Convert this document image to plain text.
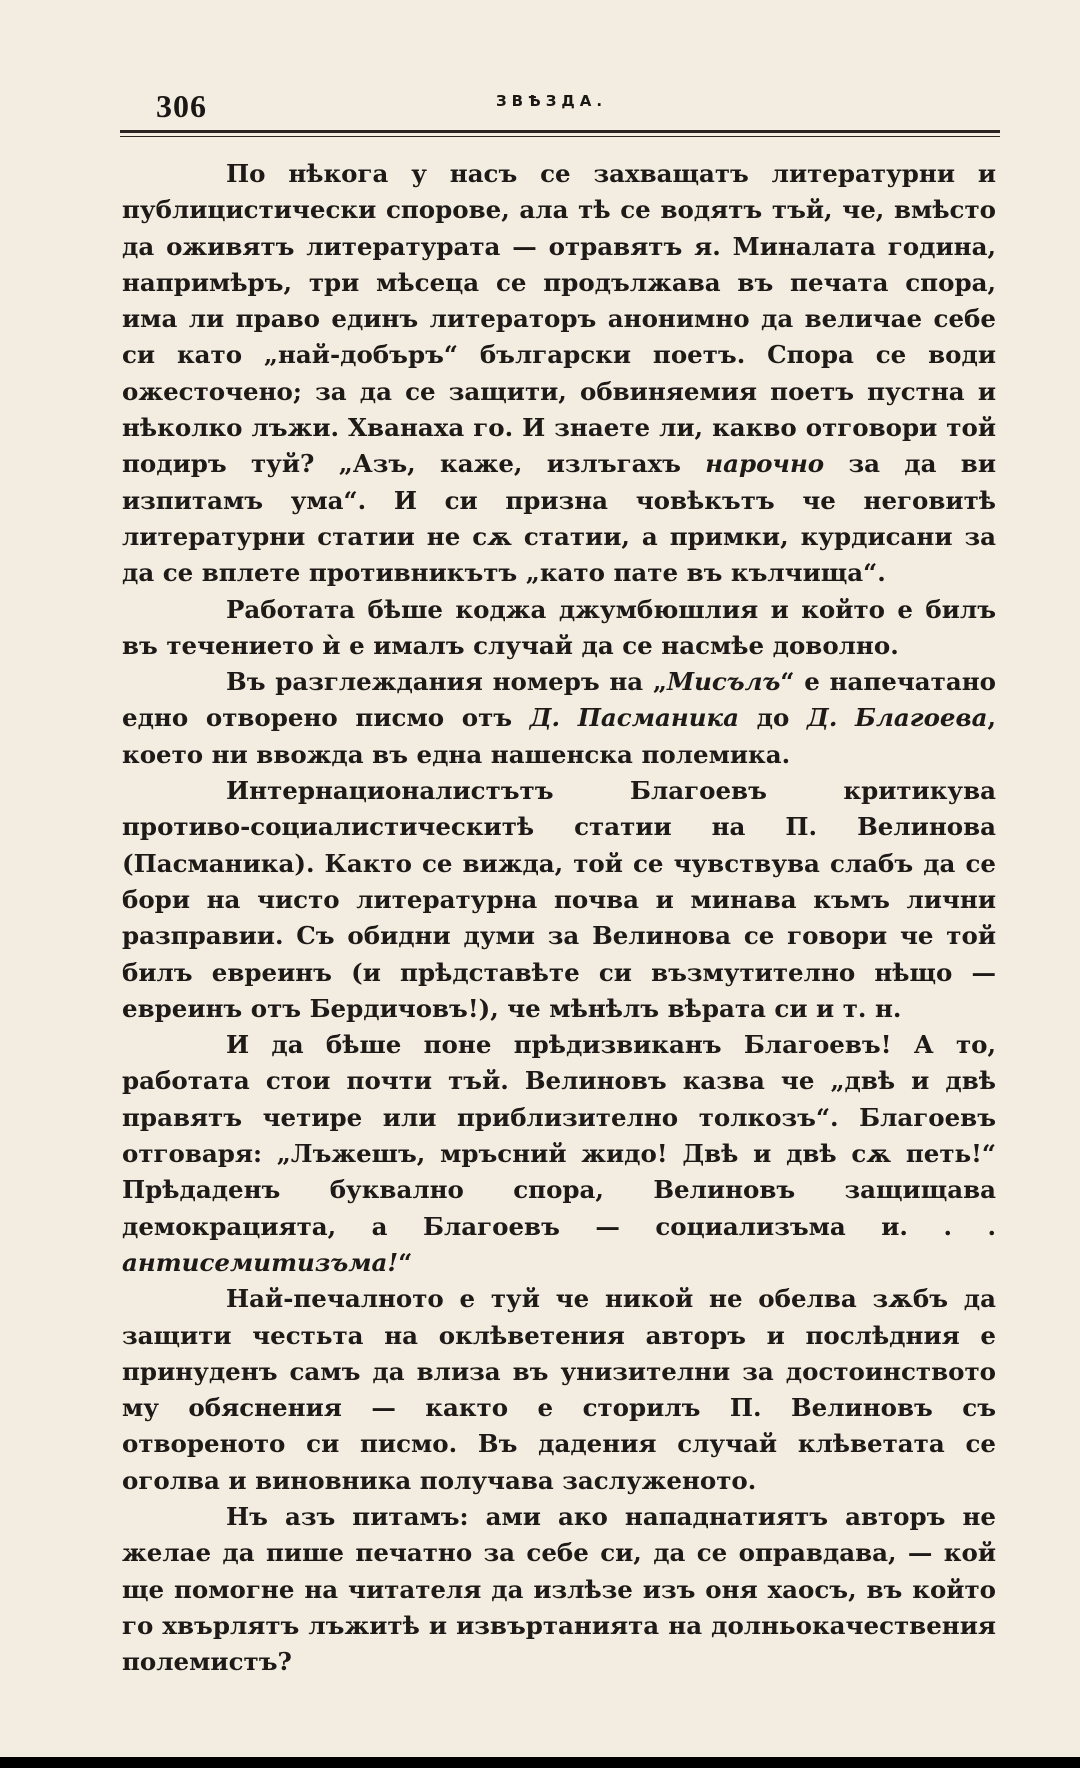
306	ЗВѢЗДА.

По нѣкога у насъ се захващатъ литературни и публицистически спорове, ала тѣ се водятъ тъй, че, вмѣсто да оживятъ литературата — отравятъ я. Миналата година, напримѣръ, три мѣсеца се продължава въ печата спора, има ли право единъ литераторъ анонимно да величае себе си като „най-добъръ“ български поетъ. Спора се води ожесточено; за да се защити, обвиняемия поетъ пустна и нѣколко лъжи. Хванаха го. И знаете ли, какво отговори той подиръ туй? „Азъ, каже, излъгахъ нарочно за да ви изпитамъ ума“. И си призна човѣкътъ че неговитѣ литературни статии не сѫ статии, а примки, курдисани за да се вплете противникътъ „като пате въ кълчища“.

Работата бѣше коджа джумбюшлия и който е билъ въ течението ѝ е ималъ случай да се насмѣе доволно.

Въ разглеждания номеръ на „Мисълъ“ е напечатано едно отворено писмо отъ Д. Пасманика до Д. Благоева, което ни ввожда въ една нашенска полемика.

Интернационалистътъ Благоевъ критикува противо-социалистическитѣ статии на П. Велинова (Пасманика). Както се вижда, той се чувствува слабъ да се бори на чисто литературна почва и минава къмъ лични разправии. Съ обидни думи за Велинова се говори че той билъ евреинъ (и прѣдставѣте си възмутително нѣщо — евреинъ отъ Бердичовъ!), че мѣнѣлъ вѣрата си и т. н.

И да бѣше поне прѣдизвиканъ Благоевъ! А то, работата стои почти тъй. Велиновъ казва че „двѣ и двѣ правятъ четире или приблизително толкозъ“. Благоевъ отговаря: „Лъжешъ, мръсний жидо! Двѣ и двѣ сѫ петь!“ Прѣдаденъ буквално спора, Велиновъ защищава демокрацията, а Благоевъ — социализъма и. . . антисемитизъма!“

Най-печалното е туй че никой не обелва зѫбъ да защити честьта на оклѣветения авторъ и послѣдния е принуденъ самъ да влиза въ унизителни за достоинството му обяснения — както е сторилъ П. Велиновъ съ отвореното си писмо. Въ дадения случай клѣветата се оголва и виновника получава заслуженото.

Нъ азъ питамъ: ами ако нападнатиятъ авторъ не желае да пише печатно за себе си, да се оправдава, — кой ще помогне на читателя да излѣзе изъ оня хаосъ, въ който го хвърлятъ лъжитѣ и извъртанията на долньокачествения полемистъ?
